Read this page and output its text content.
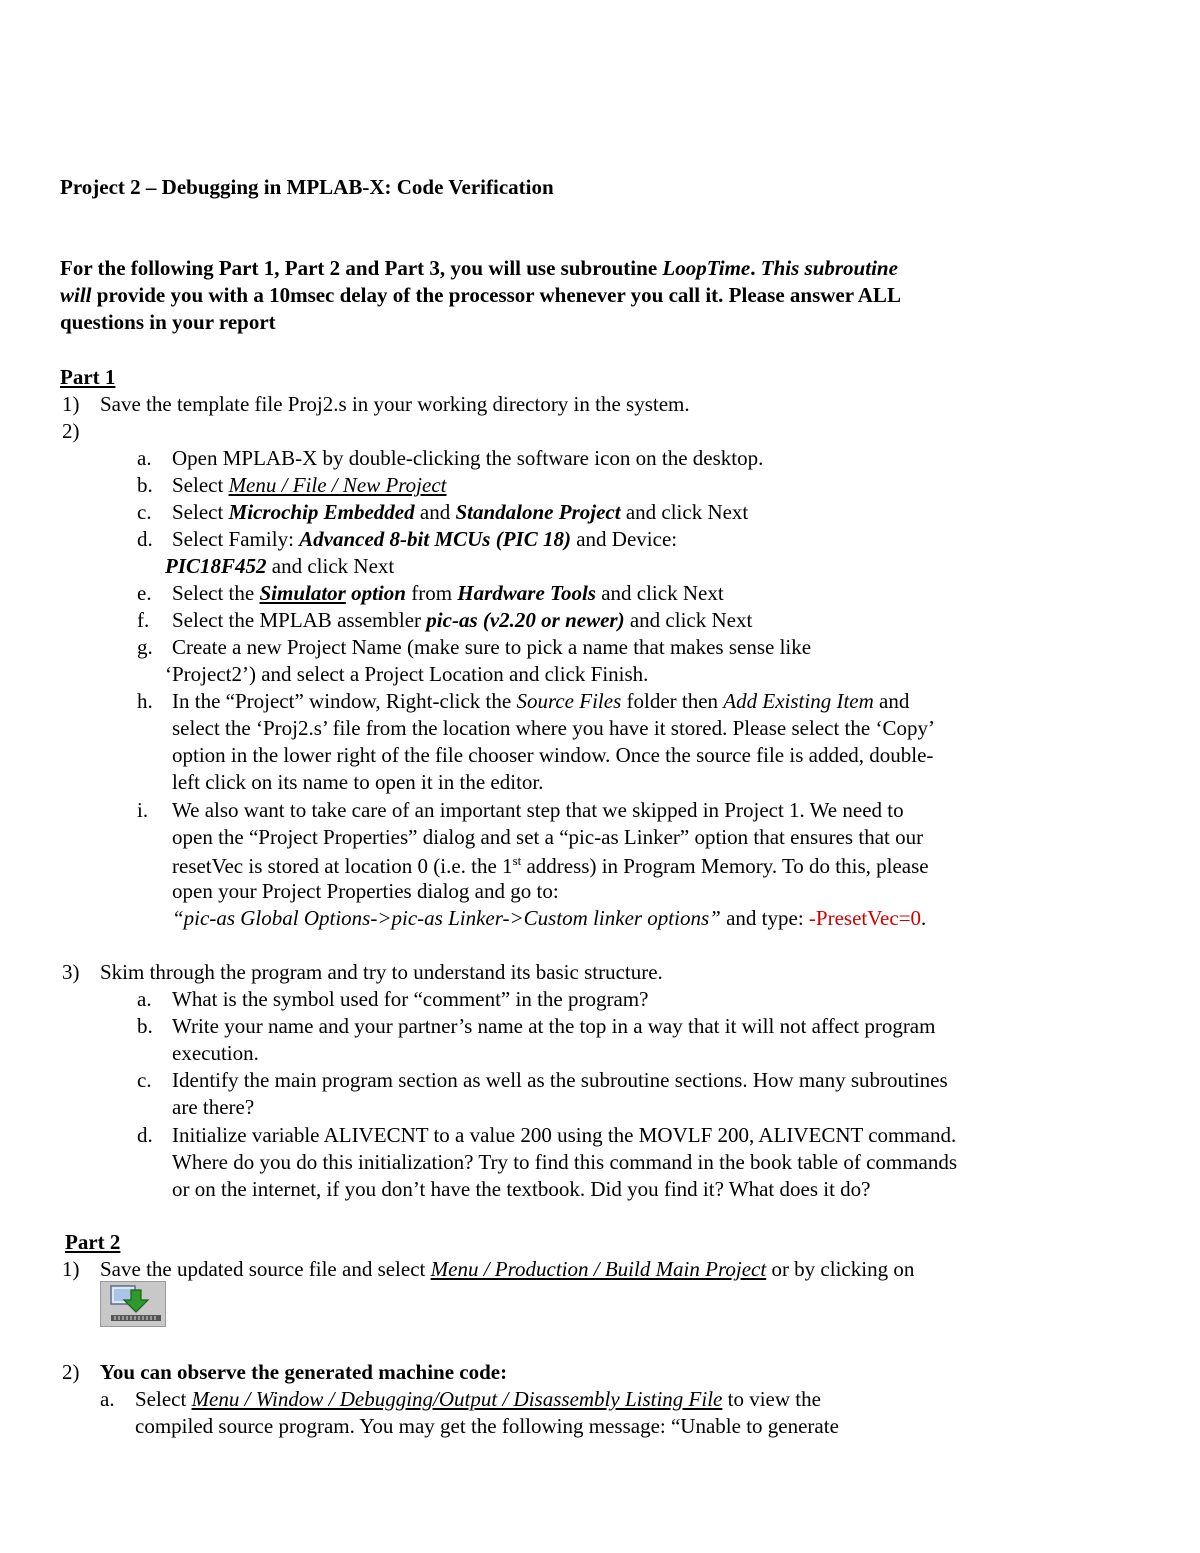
Project 2 – Debugging in MPLAB-X: Code Verification
For the following Part 1, Part 2 and Part 3, you will use subroutine LoopTime. This subroutine
will provide you with a 10msec delay of the processor whenever you call it. Please answer ALL
questions in your report
Part 1
1) Save the template file Proj2.s in your working directory in the system.
2)
a. Open MPLAB-X by double-clicking the software icon on the desktop.
b. Select Menu / File / New Project
c. Select Microchip Embedded and Standalone Project and click Next
d. Select Family: Advanced 8-bit MCUs (PIC 18) and Device:
PIC18F452 and click Next
e. Select the Simulator option from Hardware Tools and click Next
f. Select the MPLAB assembler pic-as (v2.20 or newer) and click Next
g. Create a new Project Name (make sure to pick a name that makes sense like
‘Project2’) and select a Project Location and click Finish.
h. In the “Project” window, Right-click the Source Files folder then Add Existing Item and
select the ‘Proj2.s’ file from the location where you have it stored. Please select the ‘Copy’
option in the lower right of the file chooser window. Once the source file is added, double-
left click on its name to open it in the editor.
i. We also want to take care of an important step that we skipped in Project 1. We need to
open the “Project Properties” dialog and set a “pic-as Linker” option that ensures that our
resetVec is stored at location 0 (i.e. the 1st address) in Program Memory. To do this, please
open your Project Properties dialog and go to:
“pic-as Global Options->pic-as Linker->Custom linker options” and type: -PresetVec=0.
3) Skim through the program and try to understand its basic structure.
a. What is the symbol used for “comment” in the program?
b. Write your name and your partner’s name at the top in a way that it will not affect program
execution.
c. Identify the main program section as well as the subroutine sections. How many subroutines
are there?
d. Initialize variable ALIVECNT to a value 200 using the MOVLF 200, ALIVECNT command.
Where do you do this initialization? Try to find this command in the book table of commands
or on the internet, if you don’t have the textbook. Did you find it? What does it do?
Part 2
1) Save the updated source file and select Menu / Production / Build Main Project or by clicking on
2) You can observe the generated machine code:
a. Select Menu / Window / Debugging/Output / Disassembly Listing File to view the
compiled source program. You may get the following message: “Unable to generate
